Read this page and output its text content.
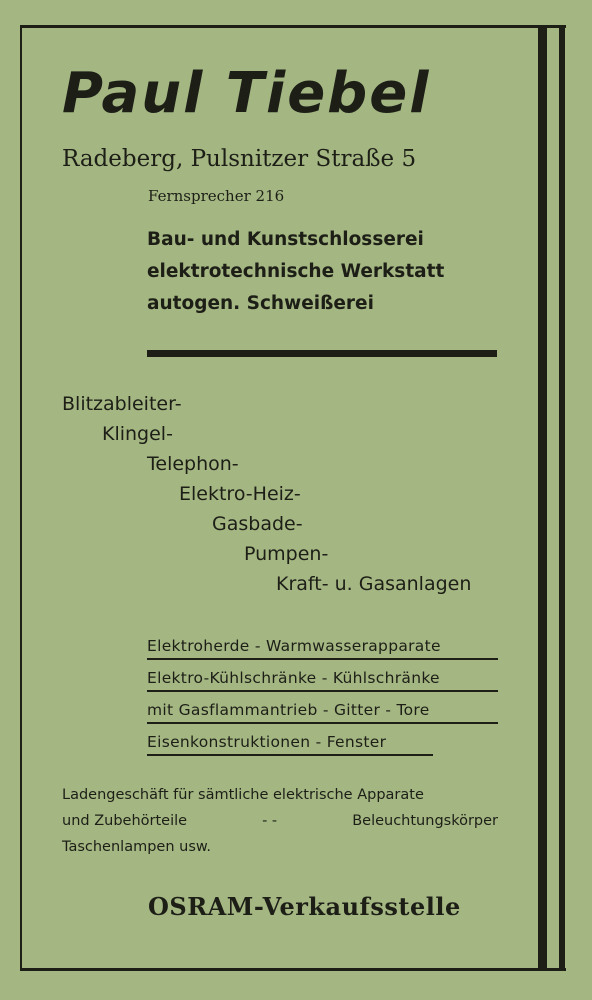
Paul Tiebel
Radeberg, Pulsnitzer Straße 5
Fernsprecher 216
Bau- und Kunstschlosserei
elektrotechnische Werkstatt
autogen. Schweißerei
Blitzableiter-
Klingel-
Telephon-
Elektro-Heiz-
Gasbade-
Pumpen-
Kraft- u. Gasanlagen
Elektroherde - Warmwasserapparate
Elektro-Kühlschränke - Kühlschränke
mit Gasflammantrieb - Gitter - Tore
Eisenkonstruktionen - Fenster
Ladengeschäft für sämtliche elektrische Apparate
und Zubehörteile	- -	Beleuchtungskörper
Taschenlampen usw.
OSRAM-Verkaufsstelle
